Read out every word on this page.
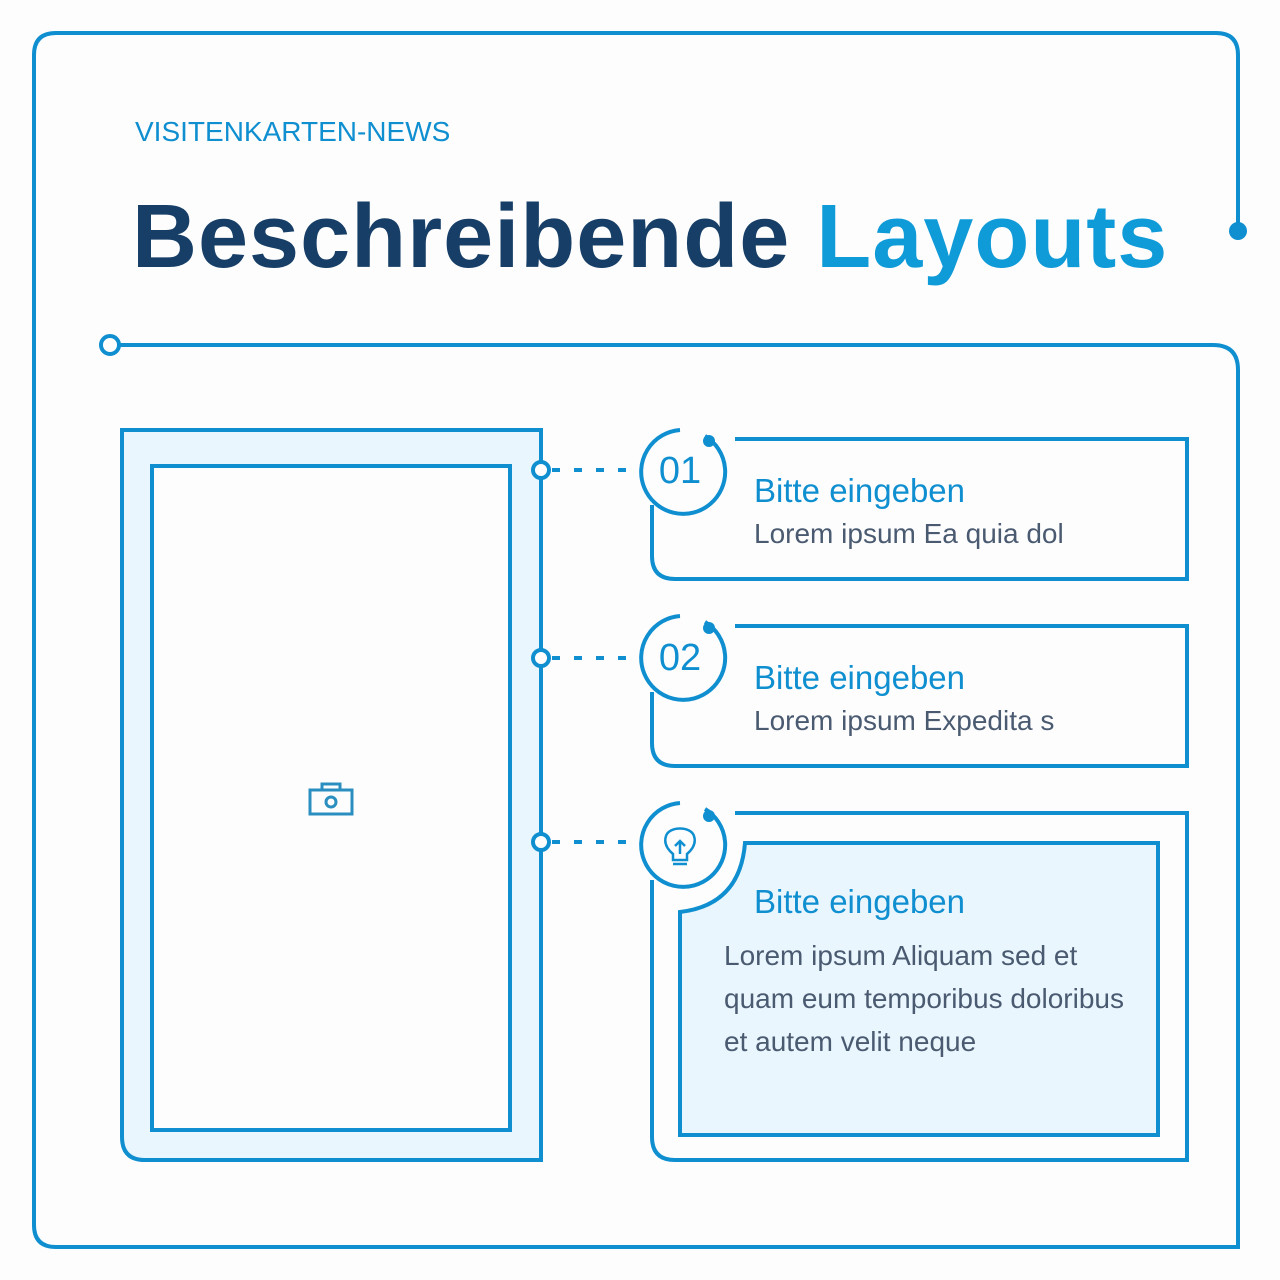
VISITENKARTEN-NEWS
Beschreibende Layouts
01
02
Bitte eingeben
Lorem ipsum Ea quia dol
Bitte eingeben
Lorem ipsum Expedita s
Bitte eingeben
Lorem ipsum Aliquam sed et quam eum temporibus doloribus et autem velit neque
